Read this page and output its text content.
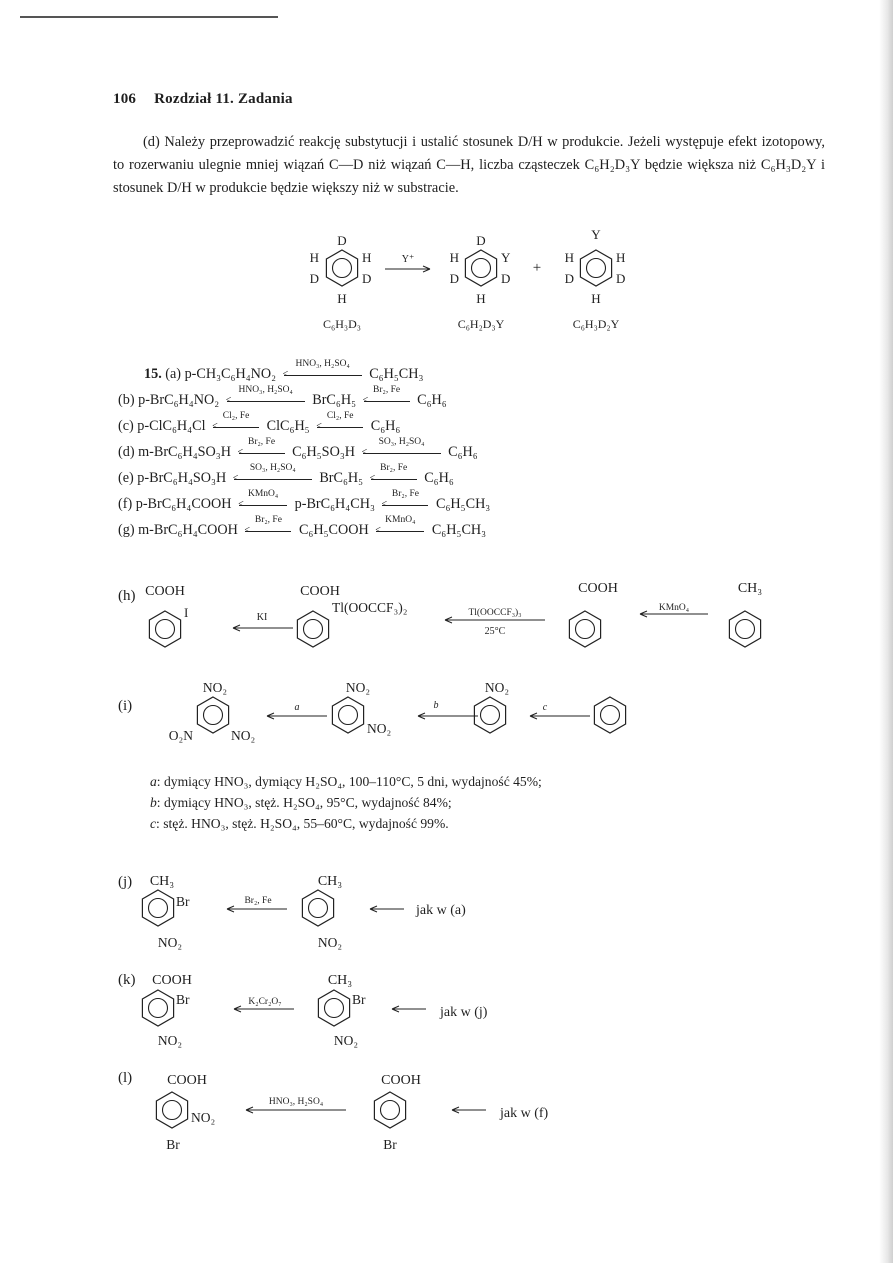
106 Rozdział 11. Zadania
(d) Należy przeprowadzić reakcję substytucji i ustalić stosunek D/H w produkcie. Jeżeli występuje efekt izotopowy, to rozerwaniu ulegnie mniej wiązań C—D niż wiązań C—H, liczba cząsteczek C₆H₂D₃Y będzie większa niż C₆H₃D₂Y i stosunek D/H w produkcie będzie większy niż w substracie.
D
H	H
D	D
H
C₆H₃D₃
Y⁺
D
H	Y
D	D
H
C₆H₂D₃Y
+
Y
H	H
D	D
H
C₆H₃D₂Y
(h) COOH
I	KI
COOH
Tl(OOCCF₃)₂	Tl(OOCCF₃)₃
25°C
COOH
KMnO₄
CH₃
(i)
NO₂
O₂N	NO₂
a
NO₂
NO₂
b
NO₂
c
(j) CH₃
Br
NO₂
Br₂, Fe
CH₃
NO₂
jak w (a)
(k) COOH
Br
NO₂
K₂Cr₂O₇
CH₃
Br
NO₂
jak w (j)
(l) COOH
NO₂
Br
HNO₃, H₂SO₄
COOH
Br
jak w (f)
15. (a) p-CH₃C₆H₄NO₂ <
HNO₃, H₂SO₄
C₆H₅CH₃
(b) p-BrC₆H₄NO₂ <
HNO₃, H₂SO₄
BrC₆H₅ <
Br₂, Fe
C₆H₆
(c) p-ClC₆H₄Cl <
Cl₂, Fe
ClC₆H₅ <
Cl₂, Fe
C₆H₆
(d) m-BrC₆H₄SO₃H <
Br₂, Fe
C₆H₅SO₃H <
SO₃, H₂SO₄
C₆H₆
(e) p-BrC₆H₄SO₃H <
SO₃, H₂SO₄
BrC₆H₅ <
Br₂, Fe
C₆H₆
(f) p-BrC₆H₄COOH <
KMnO₄
p-BrC₆H₄CH₃ <
Br₂, Fe
C₆H₅CH₃
(g) m-BrC₆H₄COOH <
Br₂, Fe
C₆H₅COOH <
KMnO₄
C₆H₅CH₃
a: dymiący HNO₃, dymiący H₂SO₄, 100–110°C, 5 dni, wydajność 45%;
b: dymiący HNO₃, stęż. H₂SO₄, 95°C, wydajność 84%;
c: stęż. HNO₃, stęż. H₂SO₄, 55–60°C, wydajność 99%.
